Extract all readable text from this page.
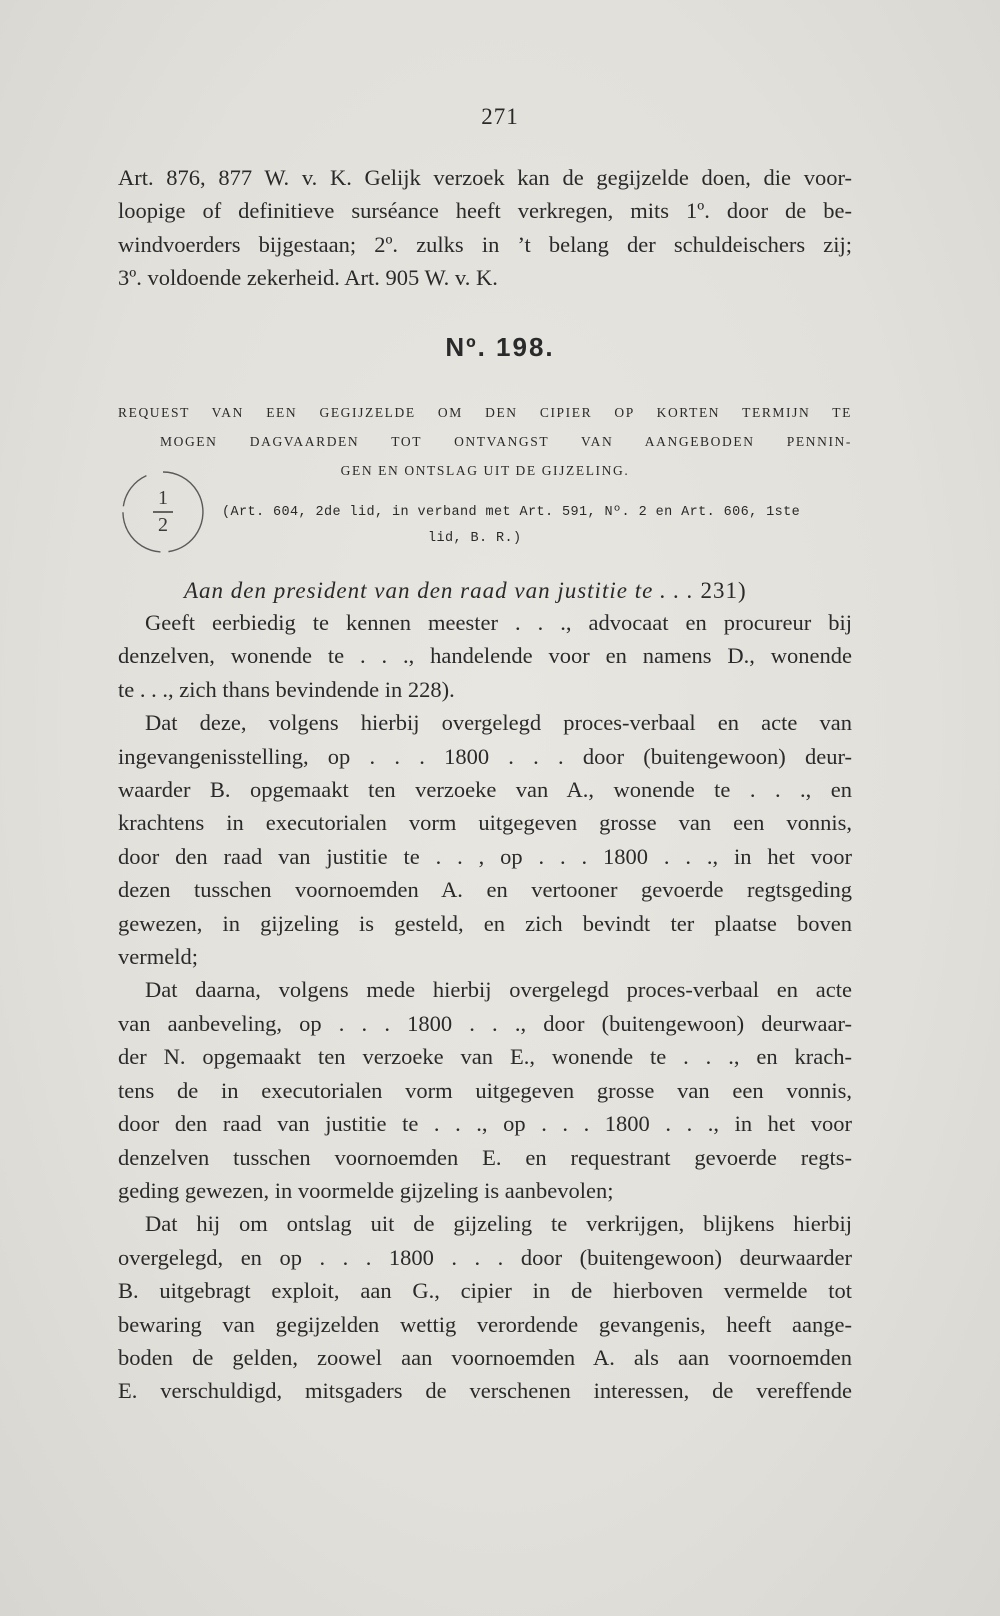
271
Art. 876, 877 W. v. K. Gelijk verzoek kan de gegijzelde doen, die voor-
loopige of definitieve surséance heeft verkregen, mits 1º. door de be-
windvoerders bijgestaan; 2º. zulks in ’t belang der schuldeischers zij;
3º. voldoende zekerheid. Art. 905 W. v. K.
Nº. 198.
REQUEST VAN EEN GEGIJZELDE OM DEN CIPIER OP KORTEN TERMIJN TE
MOGEN DAGVAARDEN TOT ONTVANGST VAN AANGEBODEN PENNIN-
GEN EN ONTSLAG UIT DE GIJZELING.
1
2
(Art. 604, 2de lid, in verband met Art. 591, Nº. 2 en Art. 606, 1ste
lid, B. R.)
Aan den president van den raad van justitie te . . . 231)
Geeft eerbiedig te kennen meester . . ., advocaat en procureur bij
denzelven, wonende te . . ., handelende voor en namens D., wonende
te . . ., zich thans bevindende in 228).
Dat deze, volgens hierbij overgelegd proces-verbaal en acte van
ingevangenisstelling, op . . . 1800 . . . door (buitengewoon) deur-
waarder B. opgemaakt ten verzoeke van A., wonende te . . ., en
krachtens in executorialen vorm uitgegeven grosse van een vonnis,
door den raad van justitie te . . , op . . . 1800 . . ., in het voor
dezen tusschen voornoemden A. en vertooner gevoerde regtsgeding
gewezen, in gijzeling is gesteld, en zich bevindt ter plaatse boven
vermeld;
Dat daarna, volgens mede hierbij overgelegd proces-verbaal en acte
van aanbeveling, op . . . 1800 . . ., door (buitengewoon) deurwaar-
der N. opgemaakt ten verzoeke van E., wonende te . . ., en krach-
tens de in executorialen vorm uitgegeven grosse van een vonnis,
door den raad van justitie te . . ., op . . . 1800 . . ., in het voor
denzelven tusschen voornoemden E. en requestrant gevoerde regts-
geding gewezen, in voormelde gijzeling is aanbevolen;
Dat hij om ontslag uit de gijzeling te verkrijgen, blijkens hierbij
overgelegd, en op . . . 1800 . . . door (buitengewoon) deurwaarder
B. uitgebragt exploit, aan G., cipier in de hierboven vermelde tot
bewaring van gegijzelden wettig verordende gevangenis, heeft aange-
boden de gelden, zoowel aan voornoemden A. als aan voornoemden
E. verschuldigd, mitsgaders de verschenen interessen, de vereffende
